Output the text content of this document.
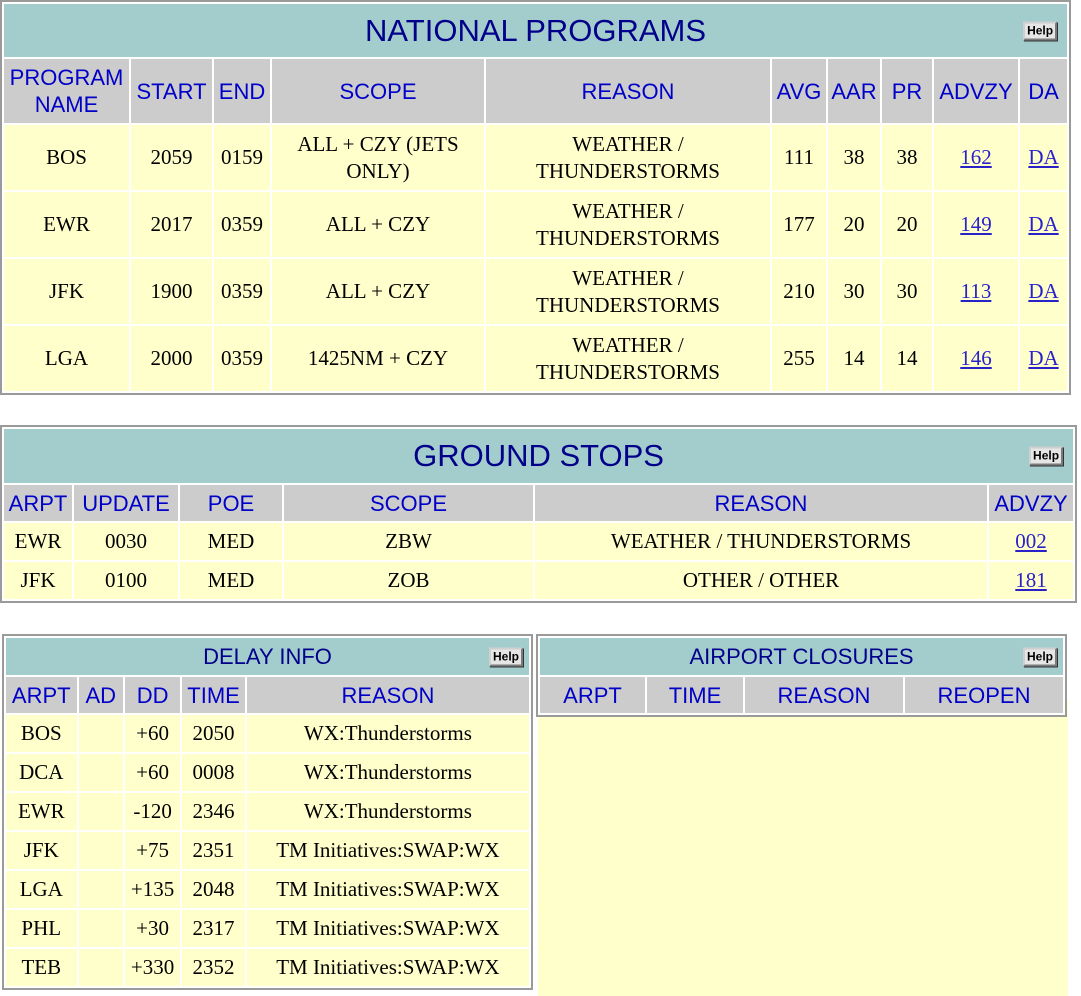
NATIONAL PROGRAMS Help									

PROGRAM NAME	START	END	SCOPE	REASON	AVG	AAR	PR	ADVZY	DA
BOS	2059	0159	ALL + CZY (JETS ONLY)	WEATHER / THUNDERSTORMS	111	38	38	162	DA
EWR	2017	0359	ALL + CZY	WEATHER / THUNDERSTORMS	177	20	20	149	DA
JFK	1900	0359	ALL + CZY	WEATHER / THUNDERSTORMS	210	30	30	113	DA
LGA	2000	0359	1425NM + CZY	WEATHER / THUNDERSTORMS	255	14	14	146	DA
GROUND STOPS Help					

ARPT	UPDATE	POE	SCOPE	REASON	ADVZY
EWR	0030	MED	ZBW	WEATHER / THUNDERSTORMS	002
JFK	0100	MED	ZOB	OTHER / OTHER	181
DELAY INFO Help				

ARPT	AD	DD	TIME	REASON
BOS		+60	2050	WX:Thunderstorms
DCA		+60	0008	WX:Thunderstorms
EWR		-120	2346	WX:Thunderstorms
JFK		+75	2351	TM Initiatives:SWAP:WX
LGA		+135	2048	TM Initiatives:SWAP:WX
PHL		+30	2317	TM Initiatives:SWAP:WX
TEB		+330	2352	TM Initiatives:SWAP:WX
AIRPORT CLOSURES	Help

ARPT	TIME	REASON	REOPEN
